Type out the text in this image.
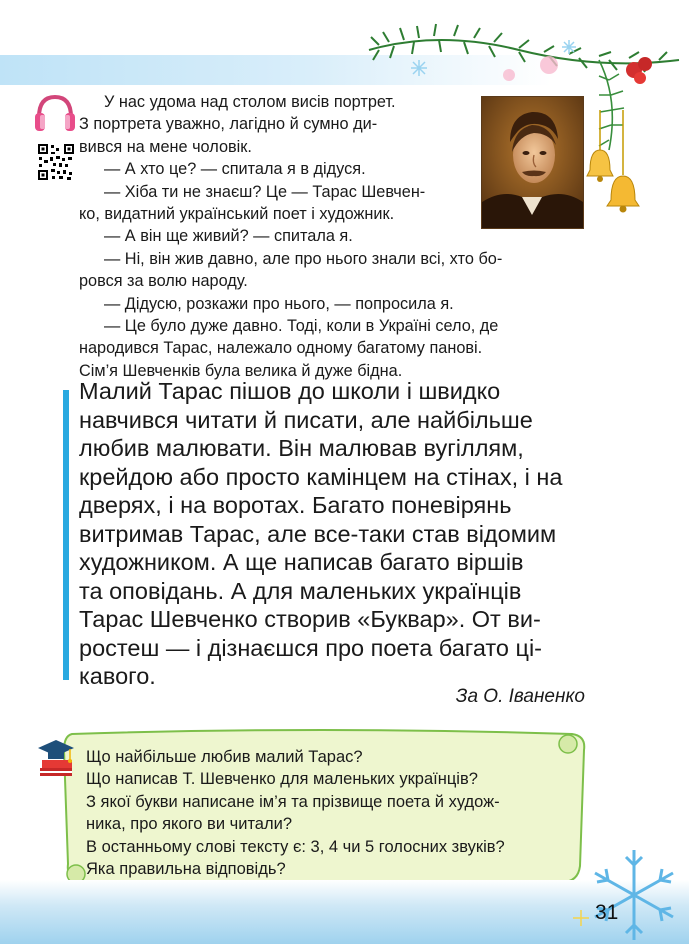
У нас удома над столом висів портрет.

З портрета уважно, лагідно й сумно ди-

вився на мене чоловік.

— А хто це? — спитала я в дідуся.

— Хіба ти не знаєш? Це — Тарас Шевчен-

ко, видатний український поет і художник.

— А він ще живий? — спитала я.

— Ні, він жив давно, але про нього знали всі, хто бо-

ровся за волю народу.

— Дідусю, розкажи про нього, — попросила я.

— Це було дуже давно. Тоді, коли в Україні село, де

народився Тарас, належало одному багатому панові.

Сім’я Шевченків була велика й дуже бідна.

Малий Тарас пішов до школи і швидко
навчився читати й писати, але найбільше
любив малювати. Він малював вугіллям,
крейдою або просто камінцем на стінах, і на
дверях, і на воротах. Багато поневірянь
витримав Тарас, але все-таки став відомим
художником. А ще написав багато віршів
та оповідань. А для маленьких українців
Тарас Шевченко створив «Буквар». От ви-
ростеш — і дізнаєшся про поета багато ці-
кавого.
За О. Іваненко

Що найбільше любив малий Тарас?

Що написав Т. Шевченко для маленьких українців?

З якої букви написане ім’я та прізвище поета й худож-

ника, про якого ви читали?

В останньому слові тексту є: 3, 4 чи 5 голосних звуків?

Яка правильна відповідь?

31
